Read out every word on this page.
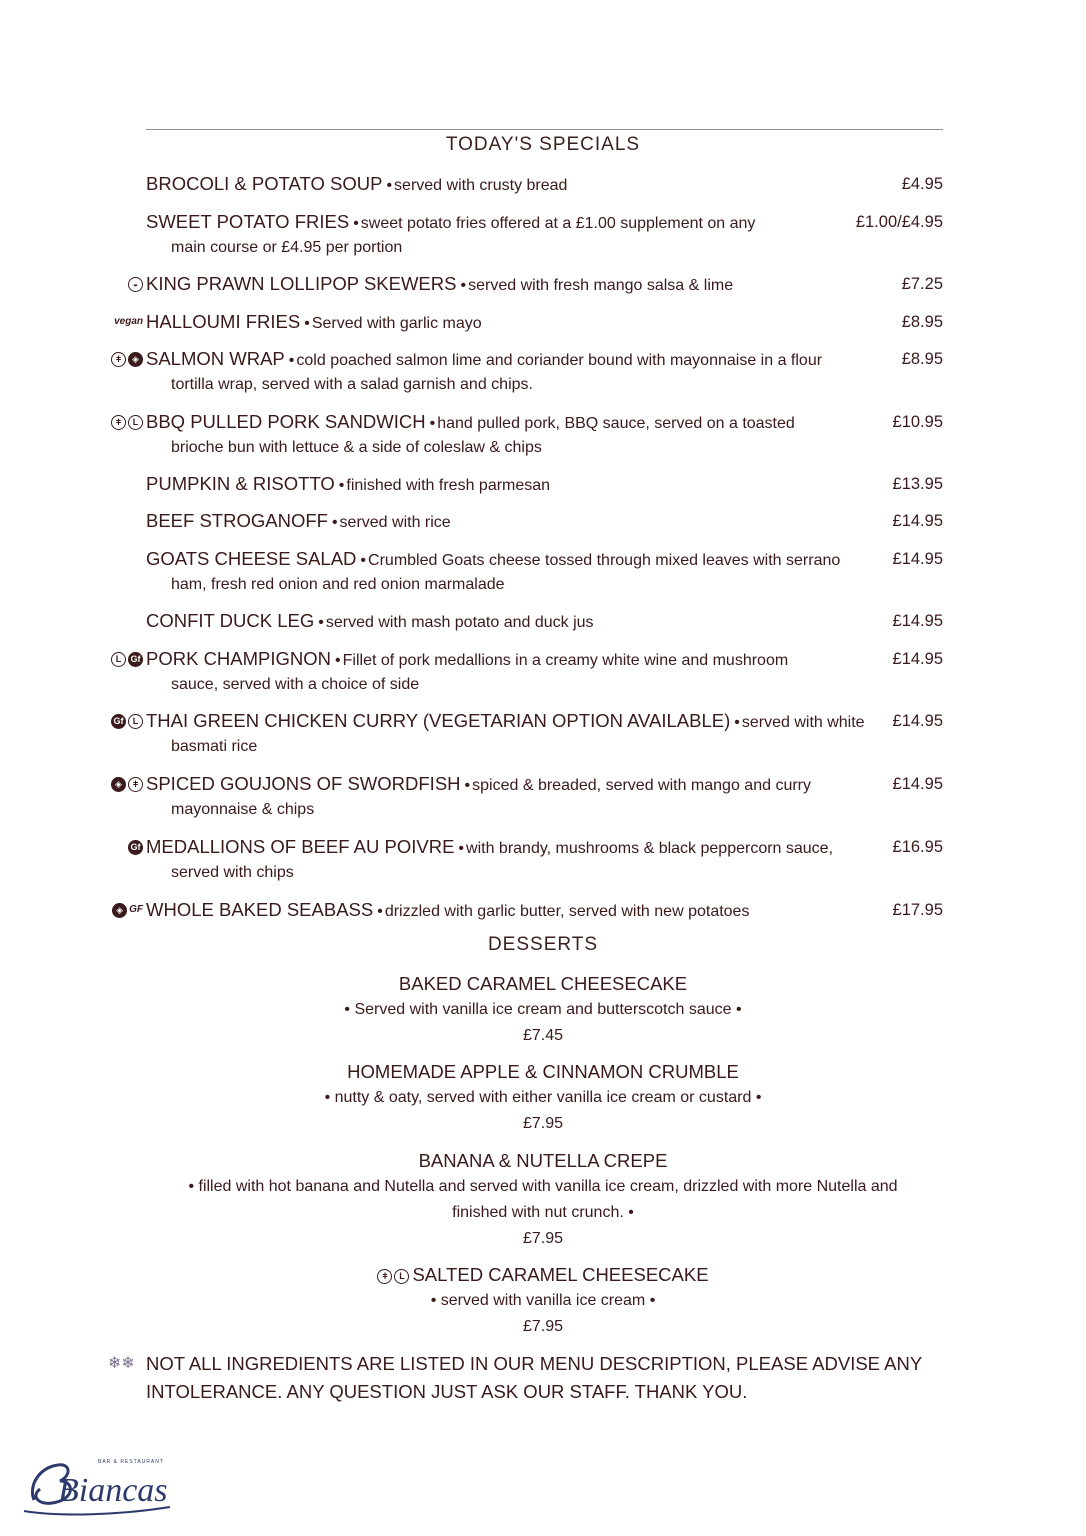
TODAY'S SPECIALS
BROCOLI & POTATO SOUP • served with crusty bread	£4.95
SWEET POTATO FRIES • sweet potato fries offered at a £1.00 supplement on any	£1.00/£4.95
main course or £4.95 per portion
◒ KING PRAWN LOLLIPOP SKEWERS • served with fresh mango salsa & lime	£7.25
vegan HALLOUMI FRIES • Served with garlic mayo	£8.95
ǂ	◈ SALMON WRAP • cold poached salmon lime and coriander bound with mayonnaise in a flour	£8.95
tortilla wrap, served with a salad garnish and chips.
ǂ	L BBQ PULLED PORK SANDWICH • hand pulled pork, BBQ sauce, served on a toasted	£10.95
brioche bun with lettuce & a side of coleslaw & chips
PUMPKIN & RISOTTO • finished with fresh parmesan	£13.95
BEEF STROGANOFF • served with rice	£14.95
GOATS CHEESE SALAD • Crumbled Goats cheese tossed through mixed leaves with serrano	£14.95
ham, fresh red onion and red onion marmalade
CONFIT DUCK LEG • served with mash potato and duck jus	£14.95
L	Gf PORK CHAMPIGNON • Fillet of pork medallions in a creamy white wine and mushroom	£14.95
sauce, served with a choice of side
Gf	L THAI GREEN CHICKEN CURRY (VEGETARIAN OPTION AVAILABLE) • served with white £14.95
basmati rice
◈	ǂ SPICED GOUJONS OF SWORDFISH • spiced & breaded, served with mango and curry	£14.95
mayonnaise & chips
Gf MEDALLIONS OF BEEF AU POIVRE • with brandy, mushrooms & black peppercorn sauce,	£16.95
served with chips
◈ GF WHOLE BAKED SEABASS • drizzled with garlic butter, served with new potatoes	£17.95
DESSERTS
BAKED CARAMEL CHEESECAKE
• Served with vanilla ice cream and butterscotch sauce •
£7.45
HOMEMADE APPLE & CINNAMON CRUMBLE
• nutty & oaty, served with either vanilla ice cream or custard •
£7.95
BANANA & NUTELLA CREPE
• filled with hot banana and Nutella and served with vanilla ice cream, drizzled with more Nutella and
finished with nut crunch. •
£7.95
ǂ	L SALTED CARAMEL CHEESECAKE
• served with vanilla ice cream •
£7.95
❄❄ NOT ALL INGREDIENTS ARE LISTED IN OUR MENU DESCRIPTION, PLEASE ADVISE ANY
INTOLERANCE. ANY QUESTION JUST ASK OUR STAFF. THANK YOU.
BAR & RESTAURANT
Biancas
